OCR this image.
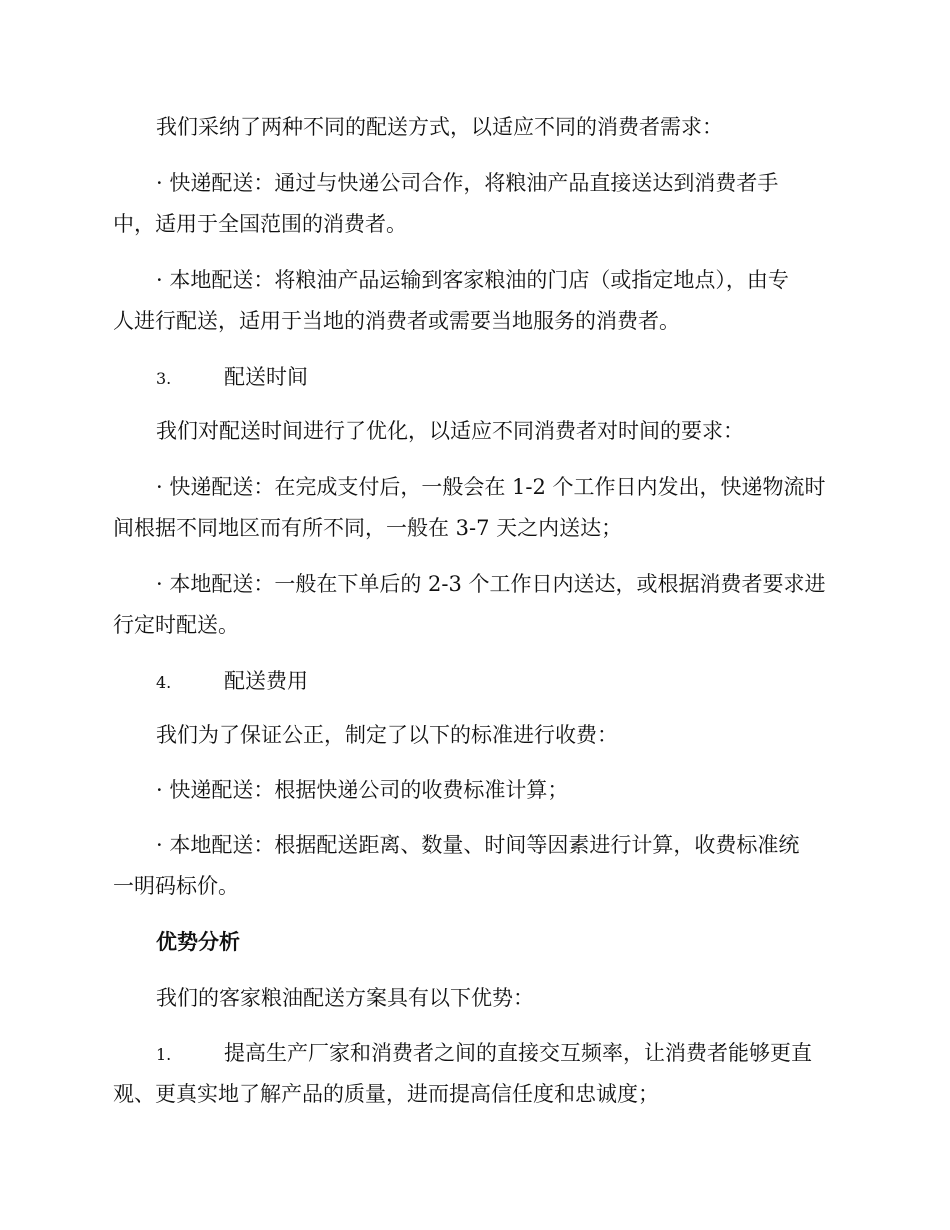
我们采纳了两种不同的配送方式，以适应不同的消费者需求：

· 快递配送：通过与快递公司合作，将粮油产品直接送达到消费者手

中，适用于全国范围的消费者。

· 本地配送：将粮油产品运输到客家粮油的门店（或指定地点），由专

人进行配送，适用于当地的消费者或需要当地服务的消费者。

3.	配送时间

我们对配送时间进行了优化，以适应不同消费者对时间的要求：

· 快递配送：在完成支付后，一般会在 1-2 个工作日内发出，快递物流时

间根据不同地区而有所不同，一般在 3-7 天之内送达；

· 本地配送：一般在下单后的 2-3 个工作日内送达，或根据消费者要求进

行定时配送。

4.	配送费用

我们为了保证公正，制定了以下的标准进行收费：

· 快递配送：根据快递公司的收费标准计算；

· 本地配送：根据配送距离、数量、时间等因素进行计算，收费标准统

一明码标价。

优势分析

我们的客家粮油配送方案具有以下优势：

1.	提高生产厂家和消费者之间的直接交互频率，让消费者能够更直

观、更真实地了解产品的质量，进而提高信任度和忠诚度；
